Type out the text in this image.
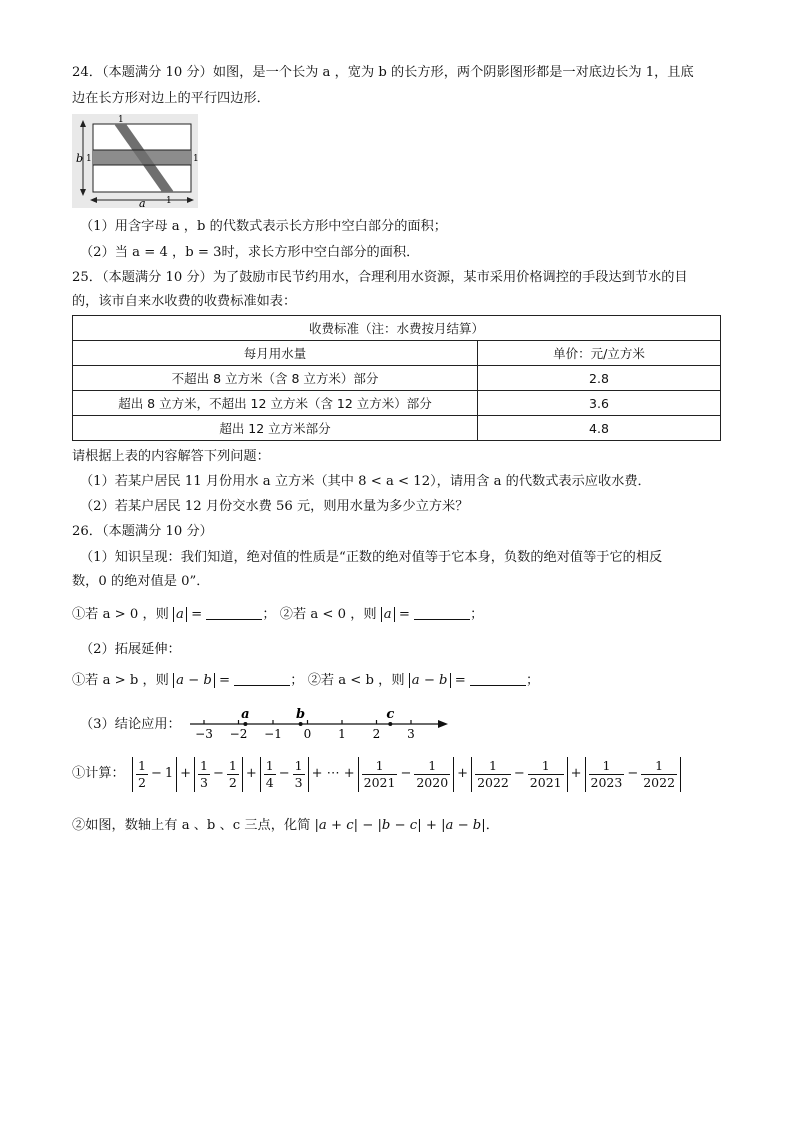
24．（本题满分 10 分）如图，是一个长为 a ，宽为 b 的长方形，两个阴影图形都是一对底边长为 1，且底
边在长方形对边上的平行四边形．
b
a
1
1	1
1
（1）用含字母 a ，b 的代数式表示长方形中空白部分的面积；
（2）当 a = 4 ，b = 3时，求长方形中空白部分的面积．
25．（本题满分 10 分）为了鼓励市民节约用水，合理利用水资源，某市采用价格调控的手段达到节水的目
的，该市自来水收费的收费标准如表：
收费标准（注：水费按月结算）	
每月用水量	单价：元/立方米
不超出 8 立方米（含 8 立方米）部分	2.8
超出 8 立方米，不超出 12 立方米（含 12 立方米）部分	3.6
超出 12 立方米部分	4.8
请根据上表的内容解答下列问题：
（1）若某户居民 11 月份用水 a 立方米（其中 8 < a < 12），请用含 a 的代数式表示应收水费．
（2）若某户居民 12 月份交水费 56 元，则用水量为多少立方米？
26．（本题满分 10 分）
（1）知识呈现：我们知道，绝对值的性质是“正数的绝对值等于它本身，负数的绝对值等于它的相反
数，0 的绝对值是 0”．
①若 a > 0 ，则 a =	； ②若 a < 0 ，则 a =	；
（2）拓展延伸：
①若 a > b ，则 a − b =	； ②若 a < b ，则 a − b =	；
（3）结论应用：
−3 −2 −1 0 1 2 3
a	b	c
①计算： $\frac{1}{2} - 1 + \frac{1}{3} - \frac{1}{2} + \frac{1}{4} - \frac{1}{3}$ + ⋯ + $\frac{1}{2021} - \frac{1}{2020} + \frac{1}{2022} - \frac{1}{2021} + \frac{1}{2023} - \frac{1}{2022}$
②如图，数轴上有 a 、b 、c 三点，化简 |a + c| − |b − c| + |a − b|．
